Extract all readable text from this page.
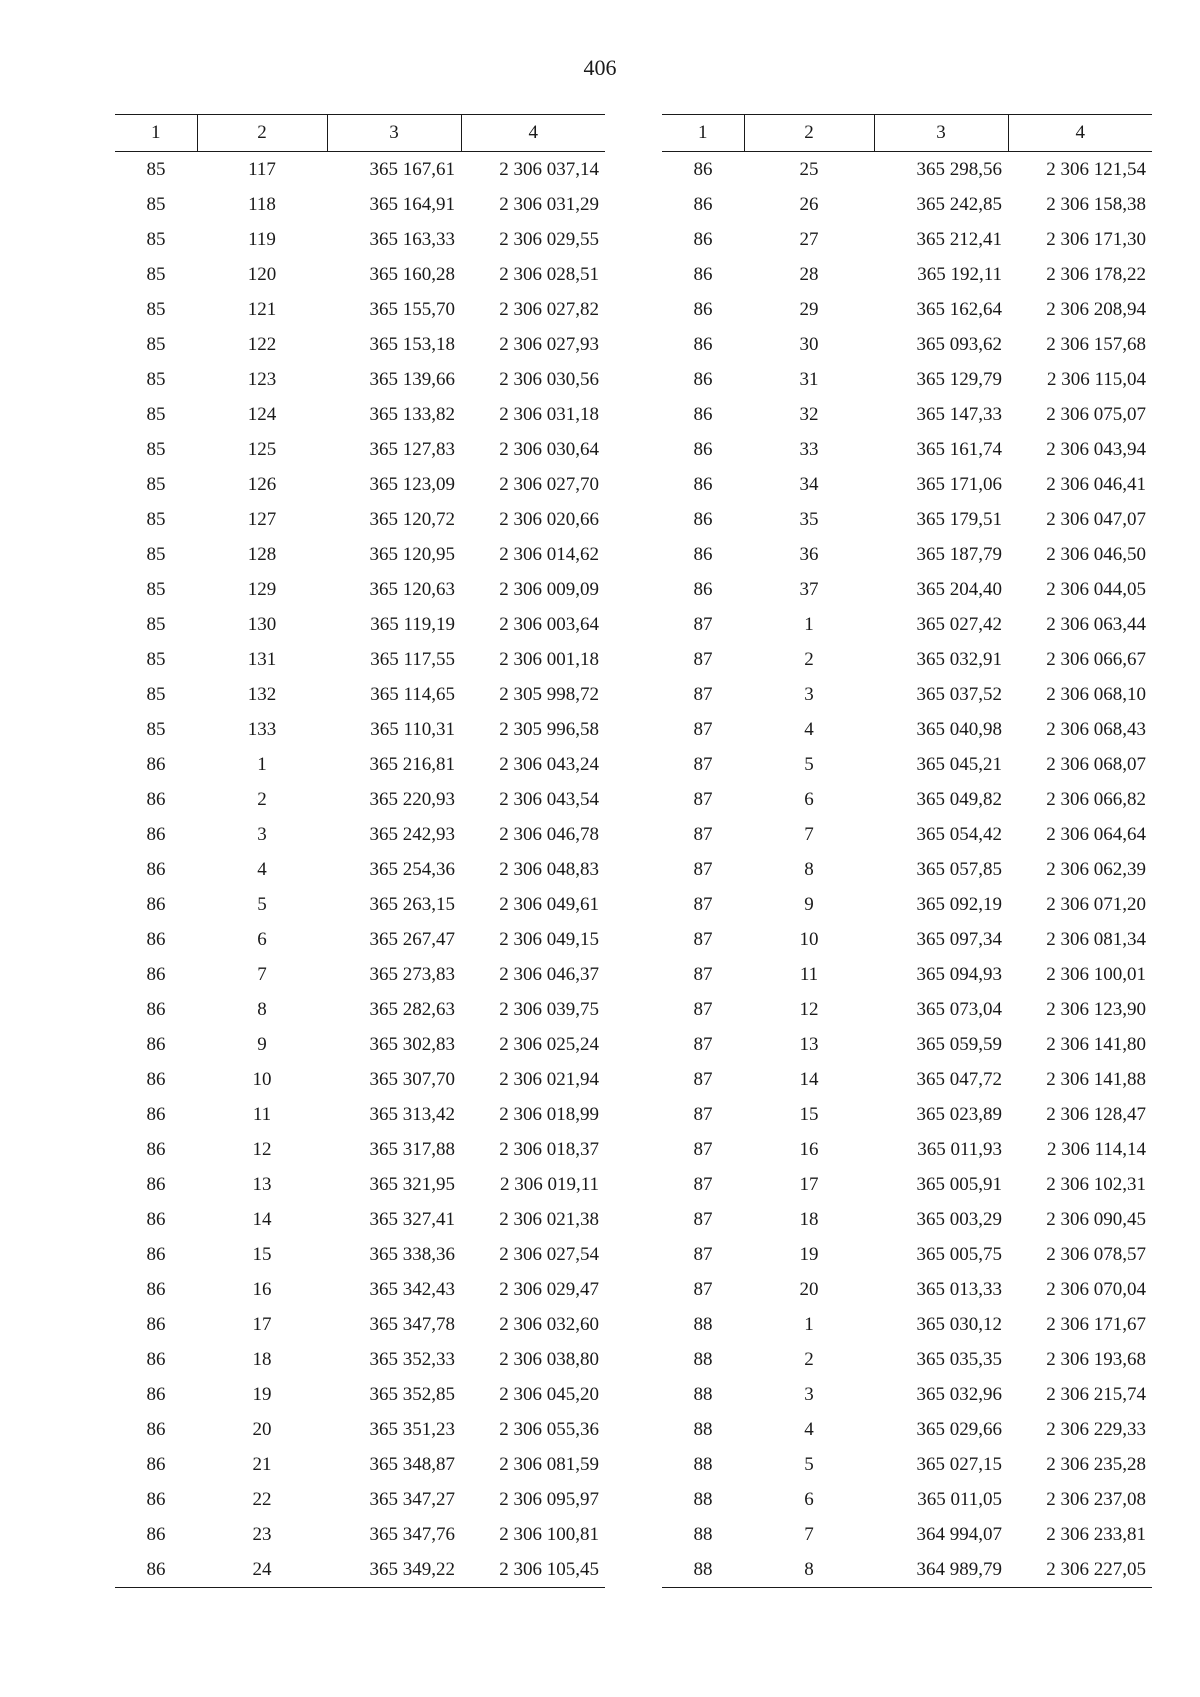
406
1	2	3	4
85	117	365 167,61	2 306 037,14
85	118	365 164,91	2 306 031,29
85	119	365 163,33	2 306 029,55
85	120	365 160,28	2 306 028,51
85	121	365 155,70	2 306 027,82
85	122	365 153,18	2 306 027,93
85	123	365 139,66	2 306 030,56
85	124	365 133,82	2 306 031,18
85	125	365 127,83	2 306 030,64
85	126	365 123,09	2 306 027,70
85	127	365 120,72	2 306 020,66
85	128	365 120,95	2 306 014,62
85	129	365 120,63	2 306 009,09
85	130	365 119,19	2 306 003,64
85	131	365 117,55	2 306 001,18
85	132	365 114,65	2 305 998,72
85	133	365 110,31	2 305 996,58
86	1	365 216,81	2 306 043,24
86	2	365 220,93	2 306 043,54
86	3	365 242,93	2 306 046,78
86	4	365 254,36	2 306 048,83
86	5	365 263,15	2 306 049,61
86	6	365 267,47	2 306 049,15
86	7	365 273,83	2 306 046,37
86	8	365 282,63	2 306 039,75
86	9	365 302,83	2 306 025,24
86	10	365 307,70	2 306 021,94
86	11	365 313,42	2 306 018,99
86	12	365 317,88	2 306 018,37
86	13	365 321,95	2 306 019,11
86	14	365 327,41	2 306 021,38
86	15	365 338,36	2 306 027,54
86	16	365 342,43	2 306 029,47
86	17	365 347,78	2 306 032,60
86	18	365 352,33	2 306 038,80
86	19	365 352,85	2 306 045,20
86	20	365 351,23	2 306 055,36
86	21	365 348,87	2 306 081,59
86	22	365 347,27	2 306 095,97
86	23	365 347,76	2 306 100,81
86	24	365 349,22	2 306 105,45
1	2	3	4
86	25	365 298,56	2 306 121,54
86	26	365 242,85	2 306 158,38
86	27	365 212,41	2 306 171,30
86	28	365 192,11	2 306 178,22
86	29	365 162,64	2 306 208,94
86	30	365 093,62	2 306 157,68
86	31	365 129,79	2 306 115,04
86	32	365 147,33	2 306 075,07
86	33	365 161,74	2 306 043,94
86	34	365 171,06	2 306 046,41
86	35	365 179,51	2 306 047,07
86	36	365 187,79	2 306 046,50
86	37	365 204,40	2 306 044,05
87	1	365 027,42	2 306 063,44
87	2	365 032,91	2 306 066,67
87	3	365 037,52	2 306 068,10
87	4	365 040,98	2 306 068,43
87	5	365 045,21	2 306 068,07
87	6	365 049,82	2 306 066,82
87	7	365 054,42	2 306 064,64
87	8	365 057,85	2 306 062,39
87	9	365 092,19	2 306 071,20
87	10	365 097,34	2 306 081,34
87	11	365 094,93	2 306 100,01
87	12	365 073,04	2 306 123,90
87	13	365 059,59	2 306 141,80
87	14	365 047,72	2 306 141,88
87	15	365 023,89	2 306 128,47
87	16	365 011,93	2 306 114,14
87	17	365 005,91	2 306 102,31
87	18	365 003,29	2 306 090,45
87	19	365 005,75	2 306 078,57
87	20	365 013,33	2 306 070,04
88	1	365 030,12	2 306 171,67
88	2	365 035,35	2 306 193,68
88	3	365 032,96	2 306 215,74
88	4	365 029,66	2 306 229,33
88	5	365 027,15	2 306 235,28
88	6	365 011,05	2 306 237,08
88	7	364 994,07	2 306 233,81
88	8	364 989,79	2 306 227,05
